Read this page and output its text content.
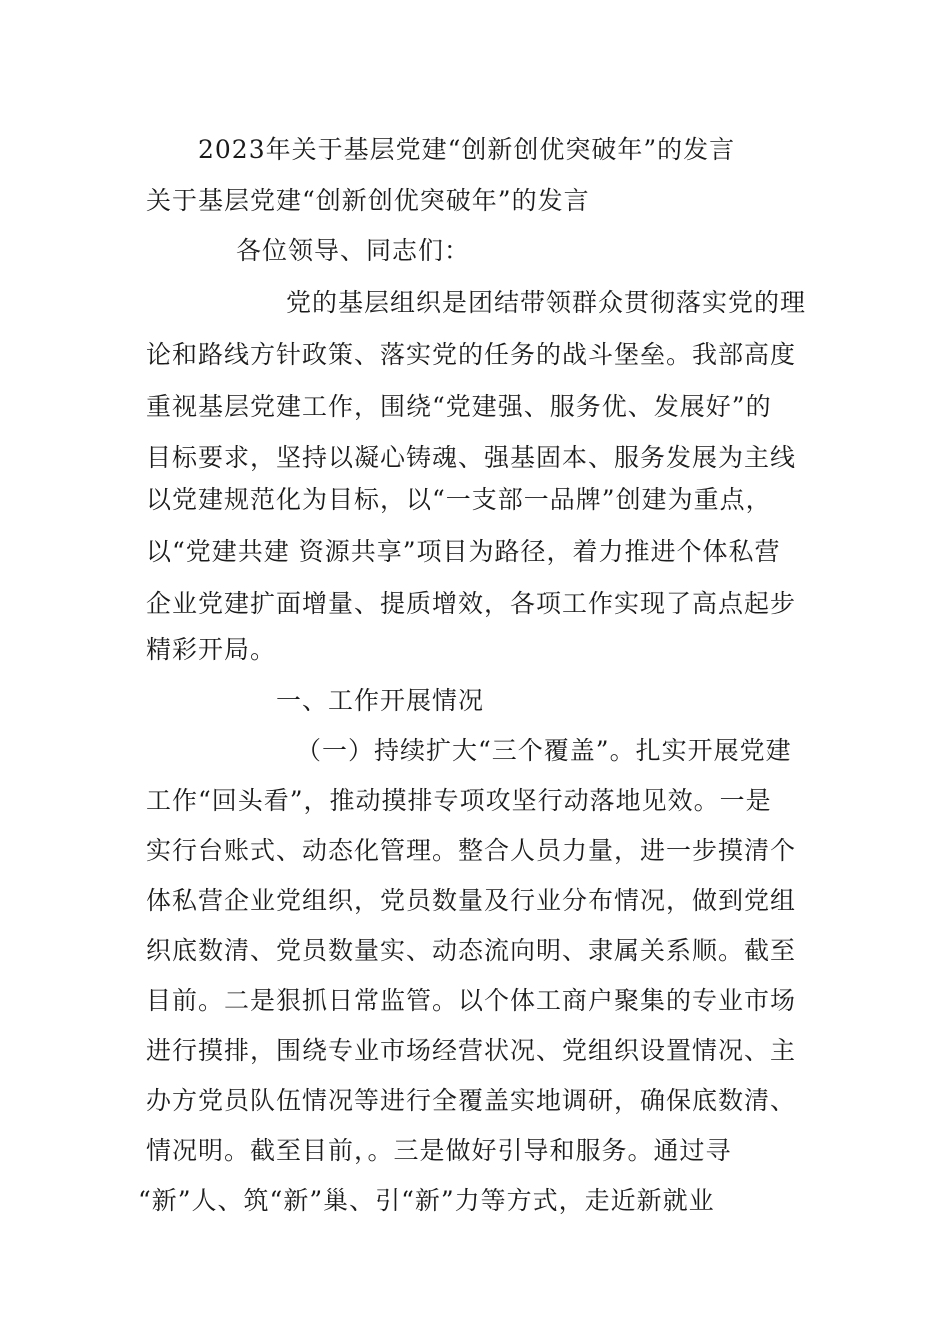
2023年关于基层党建“创新创优突破年”的发言
关于基层党建“创新创优突破年”的发言
各位领导、同志们：
党的基层组织是团结带领群众贯彻落实党的理
论和路线方针政策、落实党的任务的战斗堡垒。我部高度
重视基层党建工作，围绕“党建强、服务优、发展好”的
目标要求，坚持以凝心铸魂、强基固本、服务发展为主线
以党建规范化为目标，以“一支部一品牌”创建为重点，
以“党建共建 资源共享”项目为路径，着力推进个体私营
企业党建扩面增量、提质增效，各项工作实现了高点起步
精彩开局。
一、工作开展情况
（一）持续扩大“三个覆盖”。扎实开展党建
工作“回头看”，推动摸排专项攻坚行动落地见效。一是
实行台账式、动态化管理。整合人员力量，进一步摸清个
体私营企业党组织，党员数量及行业分布情况，做到党组
织底数清、党员数量实、动态流向明、隶属关系顺。截至
目前。二是狠抓日常监管。以个体工商户聚集的专业市场
进行摸排，围绕专业市场经营状况、党组织设置情况、主
办方党员队伍情况等进行全覆盖实地调研，确保底数清、
情况明。截至目前，。三是做好引导和服务。通过寻
“新”人、筑“新”巢、引“新”力等方式，走近新就业
